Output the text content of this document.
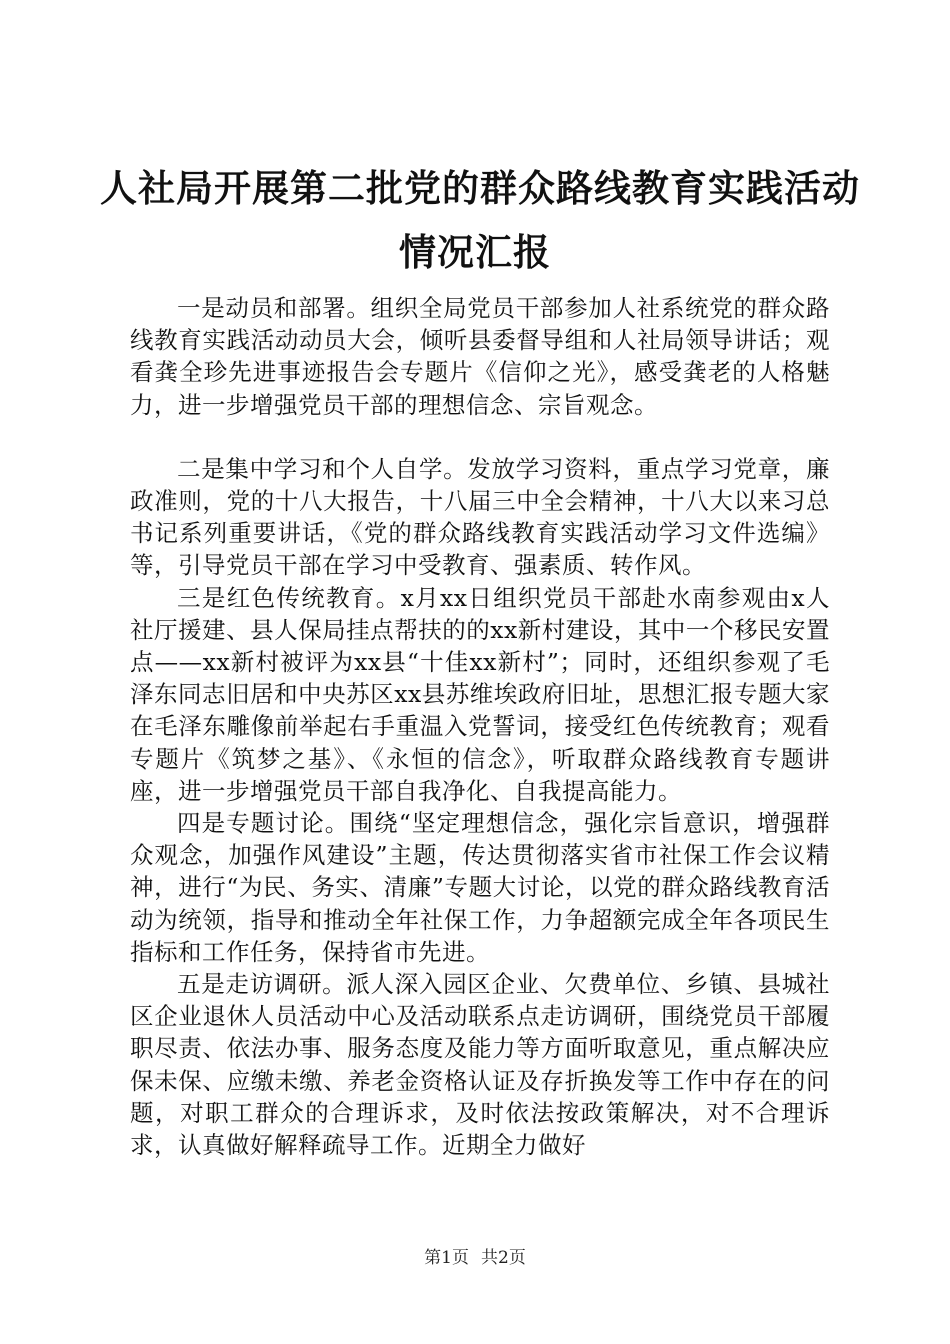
人社局开展第二批党的群众路线教育实践活动
情况汇报

一是动员和部署。组织全局党员干部参加人社系统党的群众路线教育实践活动动员大会，倾听县委督导组和人社局领导讲话；观看龚全珍先进事迹报告会专题片《信仰之光》，感受龚老的人格魅力，进一步增强党员干部的理想信念、宗旨观念。

二是集中学习和个人自学。发放学习资料，重点学习党章，廉政准则，党的十八大报告，十八届三中全会精神，十八大以来习总书记系列重要讲话，《党的群众路线教育实践活动学习文件选编》等，引导党员干部在学习中受教育、强素质、转作风。

三是红色传统教育。x月xx日组织党员干部赴水南参观由x人社厅援建、县人保局挂点帮扶的的xx新村建设，其中一个移民安置点——xx新村被评为xx县“十佳xx新村”；同时，还组织参观了毛泽东同志旧居和中央苏区xx县苏维埃政府旧址，思想汇报专题大家在毛泽东雕像前举起右手重温入党誓词，接受红色传统教育；观看专题片《筑梦之基》、《永恒的信念》，听取群众路线教育专题讲座，进一步增强党员干部自我净化、自我提高能力。

四是专题讨论。围绕“坚定理想信念，强化宗旨意识，增强群众观念，加强作风建设”主题，传达贯彻落实省市社保工作会议精神，进行“为民、务实、清廉”专题大讨论，以党的群众路线教育活动为统领，指导和推动全年社保工作，力争超额完成全年各项民生指标和工作任务，保持省市先进。

五是走访调研。派人深入园区企业、欠费单位、乡镇、县城社区企业退休人员活动中心及活动联系点走访调研，围绕党员干部履职尽责、依法办事、服务态度及能力等方面听取意见，重点解决应保未保、应缴未缴、养老金资格认证及存折换发等工作中存在的问题，对职工群众的合理诉求，及时依法按政策解决，对不合理诉求，认真做好解释疏导工作。近期全力做好

第1页 共2页
